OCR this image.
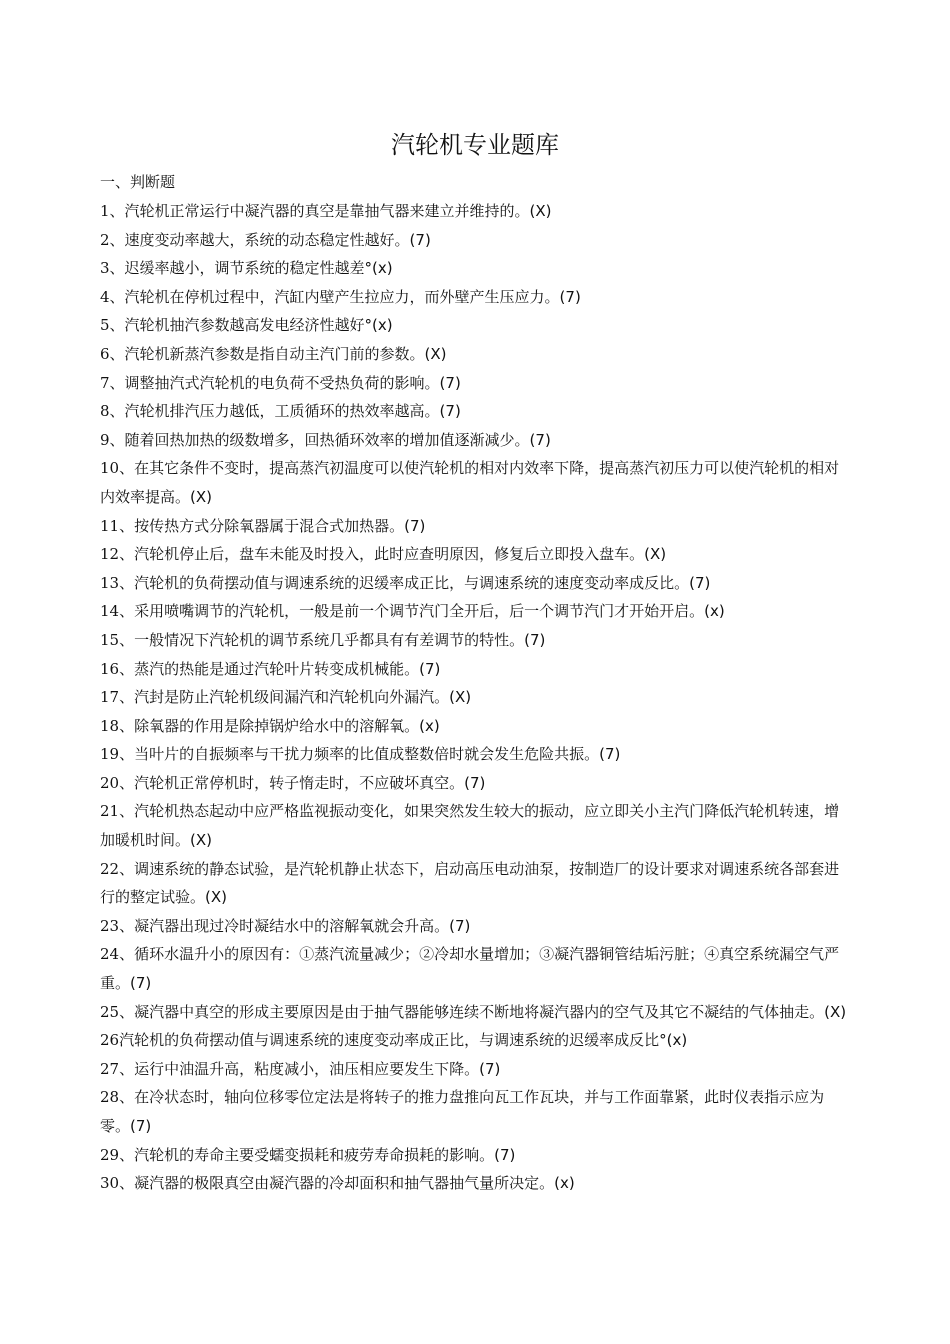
汽轮机专业题库
一、判断题
1、汽轮机正常运行中凝汽器的真空是靠抽气器来建立并维持的。(X)
2、速度变动率越大，系统的动态稳定性越好。(7)
3、迟缓率越小，调节系统的稳定性越差°(x)
4、汽轮机在停机过程中，汽缸内壁产生拉应力，而外壁产生压应力。(7)
5、汽轮机抽汽参数越高发电经济性越好°(x)
6、汽轮机新蒸汽参数是指自动主汽门前的参数。(X)
7、调整抽汽式汽轮机的电负荷不受热负荷的影响。(7)
8、汽轮机排汽压力越低，工质循环的热效率越高。(7)
9、随着回热加热的级数增多，回热循环效率的增加值逐渐减少。(7)
10、在其它条件不变时，提高蒸汽初温度可以使汽轮机的相对内效率下降，提高蒸汽初压力可以使汽轮机的相对内效率提高。(X)
11、按传热方式分除氧器属于混合式加热器。(7)
12、汽轮机停止后，盘车未能及时投入，此时应查明原因，修复后立即投入盘车。(X)
13、汽轮机的负荷摆动值与调速系统的迟缓率成正比，与调速系统的速度变动率成反比。(7)
14、采用喷嘴调节的汽轮机，一般是前一个调节汽门全开后，后一个调节汽门才开始开启。(x)
15、一般情况下汽轮机的调节系统几乎都具有有差调节的特性。(7)
16、蒸汽的热能是通过汽轮叶片转变成机械能。(7)
17、汽封是防止汽轮机级间漏汽和汽轮机向外漏汽。(X)
18、除氧器的作用是除掉锅炉给水中的溶解氧。(x)
19、当叶片的自振频率与干扰力频率的比值成整数倍时就会发生危险共振。(7)
20、汽轮机正常停机时，转子惰走时，不应破坏真空。(7)
21、汽轮机热态起动中应严格监视振动变化，如果突然发生较大的振动，应立即关小主汽门降低汽轮机转速，增加暖机时间。(X)
22、调速系统的静态试验，是汽轮机静止状态下，启动高压电动油泵，按制造厂的设计要求对调速系统各部套进行的整定试验。(X)
23、凝汽器出现过冷时凝结水中的溶解氧就会升高。(7)
24、循环水温升小的原因有：①蒸汽流量减少；②冷却水量增加；③凝汽器铜管结垢污脏；④真空系统漏空气严重。(7)
25、凝汽器中真空的形成主要原因是由于抽气器能够连续不断地将凝汽器内的空气及其它不凝结的气体抽走。(X)
26汽轮机的负荷摆动值与调速系统的速度变动率成正比，与调速系统的迟缓率成反比°(x)
27、运行中油温升高，粘度减小，油压相应要发生下降。(7)
28、在冷状态时，轴向位移零位定法是将转子的推力盘推向瓦工作瓦块，并与工作面靠紧，此时仪表指示应为零。(7)
29、汽轮机的寿命主要受蠕变损耗和疲劳寿命损耗的影响。(7)
30、凝汽器的极限真空由凝汽器的冷却面积和抽气器抽气量所决定。(x)
